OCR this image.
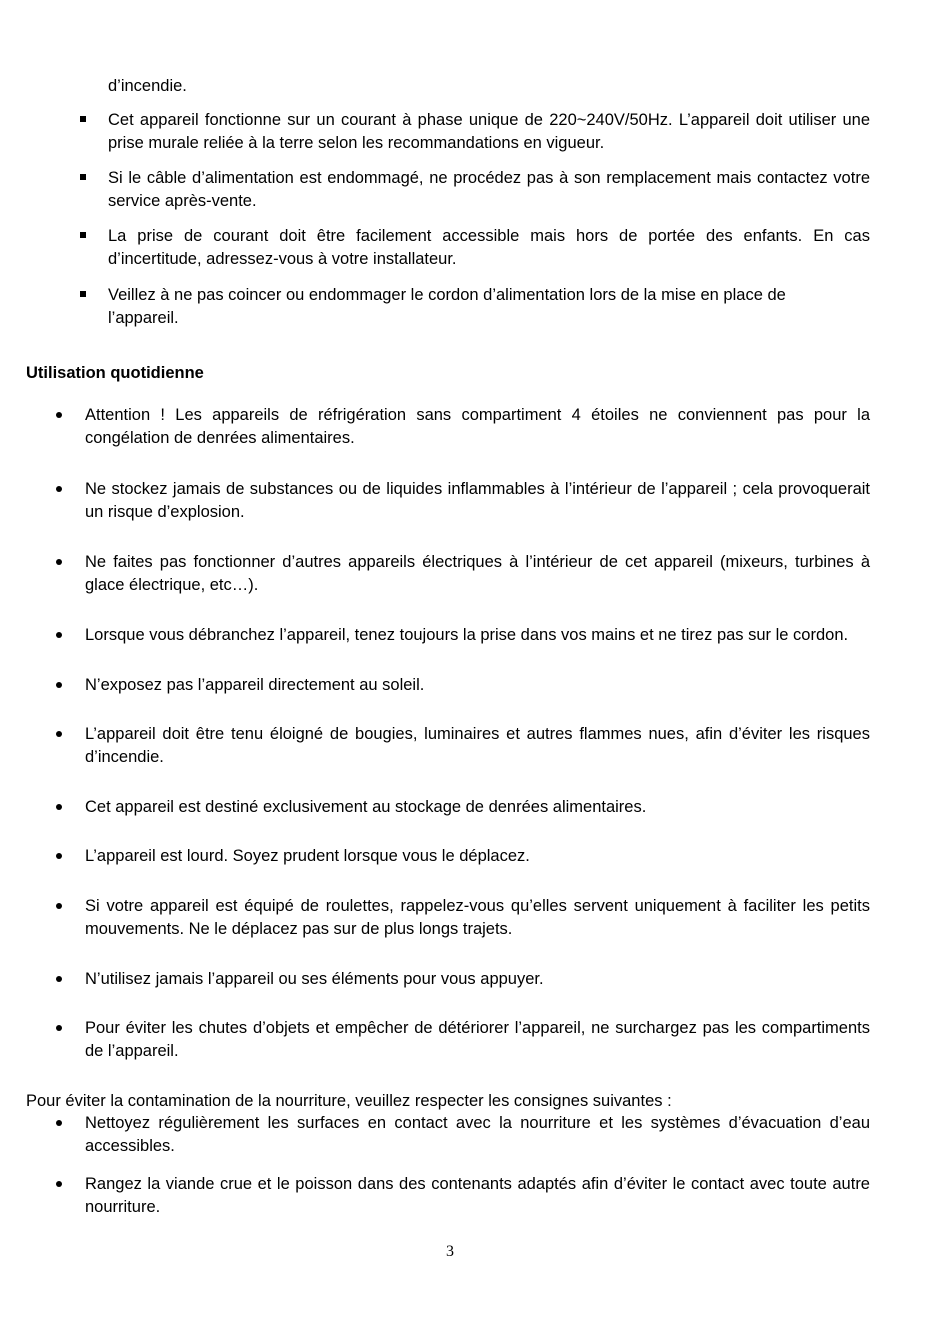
d’incendie.
Cet appareil fonctionne sur un courant à phase unique de 220~240V/50Hz. L’appareil doit utiliser une prise murale reliée à la terre selon les recommandations en vigueur.
Si le câble d’alimentation est endommagé, ne procédez pas à son remplacement mais contactez votre service après-vente.
La prise de courant doit être facilement accessible mais hors de portée des enfants. En cas d’incertitude, adressez-vous à votre installateur.
Veillez à ne pas coincer ou endommager le cordon d’alimentation lors de la mise en place de l’appareil.
Utilisation quotidienne
Attention ! Les appareils de réfrigération sans compartiment 4 étoiles ne conviennent pas pour la congélation de denrées alimentaires.
Ne stockez jamais de substances ou de liquides inflammables à l’intérieur de l’appareil ; cela provoquerait un risque d’explosion.
Ne faites pas fonctionner d’autres appareils électriques à l’intérieur de cet appareil (mixeurs, turbines à glace électrique, etc…).
Lorsque vous débranchez l’appareil, tenez toujours la prise dans vos mains et ne tirez pas sur le cordon.
N’exposez pas l’appareil directement au soleil.
L’appareil doit être tenu éloigné de bougies, luminaires et autres flammes nues, afin d’éviter les risques d’incendie.
Cet appareil est destiné exclusivement au stockage de denrées alimentaires.
L’appareil est lourd. Soyez prudent lorsque vous le déplacez.
Si votre appareil est équipé de roulettes, rappelez-vous qu’elles servent uniquement à faciliter les petits mouvements. Ne le déplacez pas sur de plus longs trajets.
N’utilisez jamais l’appareil ou ses éléments pour vous appuyer.
Pour éviter les chutes d’objets et empêcher de détériorer l’appareil, ne surchargez pas les compartiments de l’appareil.
Pour éviter la contamination de la nourriture, veuillez respecter les consignes suivantes :
Nettoyez régulièrement les surfaces en contact avec la nourriture et les systèmes d’évacuation d’eau accessibles.
Rangez la viande crue et le poisson dans des contenants adaptés afin d’éviter le contact avec toute autre nourriture.
3
